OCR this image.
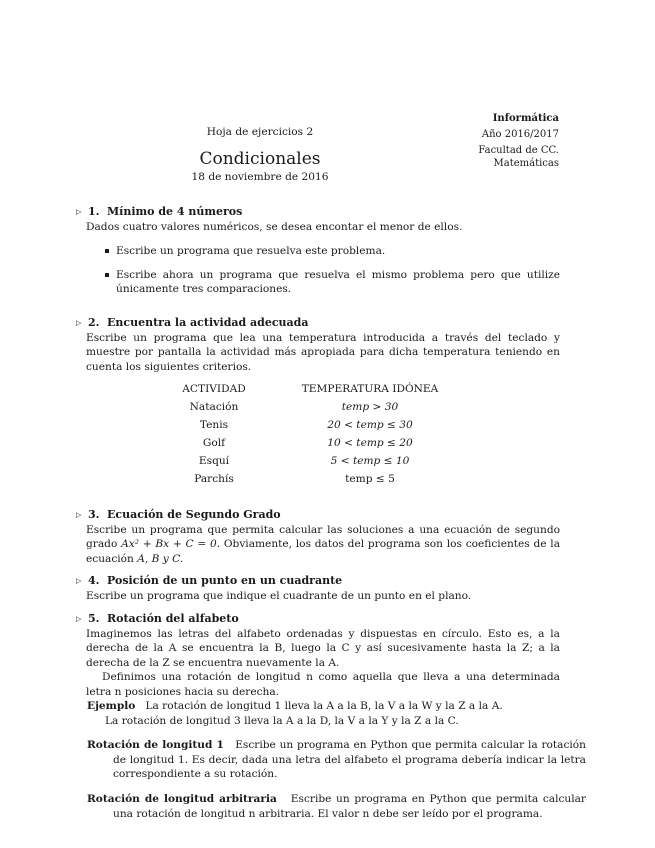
Hoja de ejercicios 2
Condicionales
18 de noviembre de 2016
Informática
Año 2016/2017
Facultad de CC.
Matemáticas
▷ 1. Mínimo de 4 números
Dados cuatro valores numéricos, se desea encontar el menor de ellos.
Escribe un programa que resuelva este problema.
Escribe ahora un programa que resuelva el mismo problema pero que utilize únicamente tres comparaciones.
▷ 2. Encuentra la actividad adecuada
Escribe un programa que lea una temperatura introducida a través del teclado y muestre por pantalla la actividad más apropiada para dicha temperatura teniendo en cuenta los siguientes criterios.
ACTIVIDAD	TEMPERATURA IDÓNEA
Natación	temp > 30
Tenis	20 < temp ≤ 30
Golf	10 < temp ≤ 20
Esquí	5 < temp ≤ 10
Parchís	temp ≤ 5
▷ 3. Ecuación de Segundo Grado
Escribe un programa que permita calcular las soluciones a una ecuación de segundo grado Ax² + Bx + C = 0. Obviamente, los datos del programa son los coeficientes de la ecuación A, B y C.
▷ 4. Posición de un punto en un cuadrante
Escribe un programa que indique el cuadrante de un punto en el plano.
▷ 5. Rotación del alfabeto
Imaginemos las letras del alfabeto ordenadas y dispuestas en círculo. Esto es, a la derecha de la A se encuentra la B, luego la C y así sucesivamente hasta la Z; a la derecha de la Z se encuentra nuevamente la A.
Definimos una rotación de longitud n como aquella que lleva a una determinada letra n posiciones hacia su derecha.
Ejemplo La rotación de longitud 1 lleva la A a la B, la V a la W y la Z a la A.
La rotación de longitud 3 lleva la A a la D, la V a la Y y la Z a la C.
Rotación de longitud 1 Escribe un programa en Python que permita calcular la rotación de longitud 1. Es decir, dada una letra del alfabeto el programa debería indicar la letra correspondiente a su rotación.
Rotación de longitud arbitraria Escribe un programa en Python que permita calcular una rotación de longitud n arbitraria. El valor n debe ser leído por el programa.
